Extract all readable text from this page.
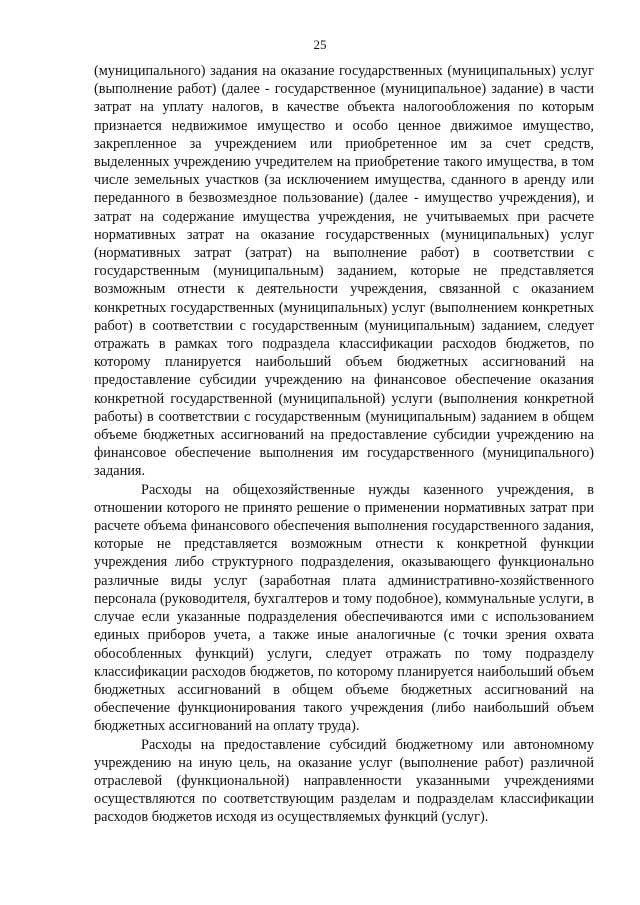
25

(муниципального) задания на оказание государственных (муниципальных) услуг (выполнение работ) (далее - государственное (муниципальное) задание) в части затрат на уплату налогов, в качестве объекта налогообложения по которым признается недвижимое имущество и особо ценное движимое имущество, закрепленное за учреждением или приобретенное им за счет средств, выделенных учреждению учредителем на приобретение такого имущества, в том числе земельных участков (за исключением имущества, сданного в аренду или переданного в безвозмездное пользование) (далее - имущество учреждения), и затрат на содержание имущества учреждения, не учитываемых при расчете нормативных затрат на оказание государственных (муниципальных) услуг (нормативных затрат (затрат) на выполнение работ) в соответствии с государственным (муниципальным) заданием, которые не представляется возможным отнести к деятельности учреждения, связанной с оказанием конкретных государственных (муниципальных) услуг (выполнением конкретных работ) в соответствии с государственным (муниципальным) заданием, следует отражать в рамках того подраздела классификации расходов бюджетов, по которому планируется наибольший объем бюджетных ассигнований на предоставление субсидии учреждению на финансовое обеспечение оказания конкретной государственной (муниципальной) услуги (выполнения конкретной работы) в соответствии с государственным (муниципальным) заданием в общем объеме бюджетных ассигнований на предоставление субсидии учреждению на финансовое обеспечение выполнения им государственного (муниципального) задания.

Расходы на общехозяйственные нужды казенного учреждения, в отношении которого не принято решение о применении нормативных затрат при расчете объема финансового обеспечения выполнения государственного задания, которые не представляется возможным отнести к конкретной функции учреждения либо структурного подразделения, оказывающего функционально различные виды услуг (заработная плата административно-хозяйственного персонала (руководителя, бухгалтеров и тому подобное), коммунальные услуги, в случае если указанные подразделения обеспечиваются ими с использованием единых приборов учета, а также иные аналогичные (с точки зрения охвата обособленных функций) услуги, следует отражать по тому подразделу классификации расходов бюджетов, по которому планируется наибольший объем бюджетных ассигнований в общем объеме бюджетных ассигнований на обеспечение функционирования такого учреждения (либо наибольший объем бюджетных ассигнований на оплату труда).

Расходы на предоставление субсидий бюджетному или автономному учреждению на иную цель, на оказание услуг (выполнение работ) различной отраслевой (функциональной) направленности указанными учреждениями осуществляются по соответствующим разделам и подразделам классификации расходов бюджетов исходя из осуществляемых функций (услуг).
